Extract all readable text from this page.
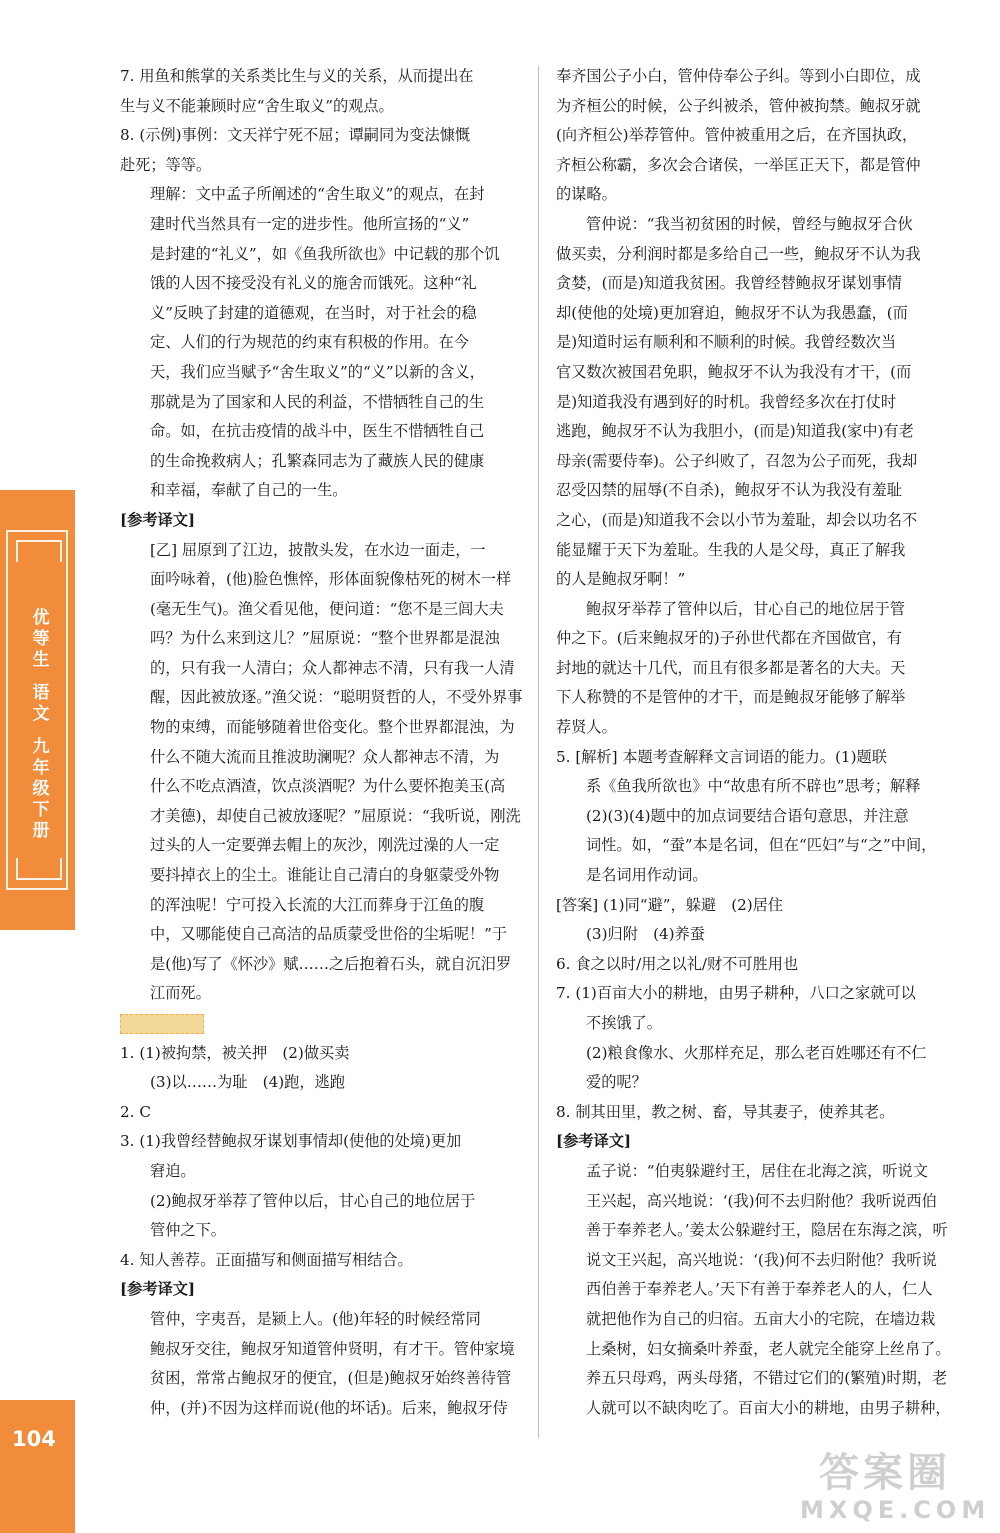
优等生
语文
九年级下册
104
7. 用鱼和熊掌的关系类比生与义的关系，从而提出在
生与义不能兼顾时应“舍生取义”的观点。
8. (示例)事例：文天祥宁死不屈；谭嗣同为变法慷慨
赴死；等等。
理解：文中孟子所阐述的“舍生取义”的观点，在封
建时代当然具有一定的进步性。他所宣扬的“义”
是封建的“礼义”，如《鱼我所欲也》中记载的那个饥
饿的人因不接受没有礼义的施舍而饿死。这种“礼
义”反映了封建的道德观，在当时，对于社会的稳
定、人们的行为规范的约束有积极的作用。在今
天，我们应当赋予“舍生取义”的“义”以新的含义，
那就是为了国家和人民的利益，不惜牺牲自己的生
命。如，在抗击疫情的战斗中，医生不惜牺牲自己
的生命挽救病人；孔繁森同志为了藏族人民的健康
和幸福，奉献了自己的一生。
[参考译文]
[乙] 屈原到了江边，披散头发，在水边一面走，一
面吟咏着，(他)脸色憔悴，形体面貌像枯死的树木一样
(毫无生气)。渔父看见他，便问道：“您不是三闾大夫
吗？为什么来到这儿？”屈原说：“整个世界都是混浊
的，只有我一人清白；众人都神志不清，只有我一人清
醒，因此被放逐。”渔父说：“聪明贤哲的人，不受外界事
物的束缚，而能够随着世俗变化。整个世界都混浊，为
什么不随大流而且推波助澜呢？众人都神志不清，为
什么不吃点酒渣，饮点淡酒呢？为什么要怀抱美玉(高
才美德)，却使自己被放逐呢？”屈原说：“我听说，刚洗
过头的人一定要弹去帽上的灰沙，刚洗过澡的人一定
要抖掉衣上的尘土。谁能让自己清白的身躯蒙受外物
的浑浊呢！宁可投入长流的大江而葬身于江鱼的腹
中，又哪能使自己高洁的品质蒙受世俗的尘垢呢！”于
是(他)写了《怀沙》赋……之后抱着石头，就自沉汨罗
江而死。
1. (1)被拘禁，被关押　(2)做买卖
(3)以……为耻　(4)跑，逃跑
2. C
3. (1)我曾经替鲍叔牙谋划事情却(使他的处境)更加
窘迫。
(2)鲍叔牙举荐了管仲以后，甘心自己的地位居于
管仲之下。
4. 知人善荐。正面描写和侧面描写相结合。
[参考译文]
管仲，字夷吾，是颍上人。(他)年轻的时候经常同
鲍叔牙交往，鲍叔牙知道管仲贤明，有才干。管仲家境
贫困，常常占鲍叔牙的便宜，(但是)鲍叔牙始终善待管
仲，(并)不因为这样而说(他的坏话)。后来，鲍叔牙侍
奉齐国公子小白，管仲侍奉公子纠。等到小白即位，成
为齐桓公的时候，公子纠被杀，管仲被拘禁。鲍叔牙就
(向齐桓公)举荐管仲。管仲被重用之后，在齐国执政，
齐桓公称霸，多次会合诸侯，一举匡正天下，都是管仲
的谋略。
管仲说：“我当初贫困的时候，曾经与鲍叔牙合伙
做买卖，分利润时都是多给自己一些，鲍叔牙不认为我
贪婪，(而是)知道我贫困。我曾经替鲍叔牙谋划事情
却(使他的处境)更加窘迫，鲍叔牙不认为我愚蠢，(而
是)知道时运有顺利和不顺利的时候。我曾经数次当
官又数次被国君免职，鲍叔牙不认为我没有才干，(而
是)知道我没有遇到好的时机。我曾经多次在打仗时
逃跑，鲍叔牙不认为我胆小，(而是)知道我(家中)有老
母亲(需要侍奉)。公子纠败了，召忽为公子而死，我却
忍受囚禁的屈辱(不自杀)，鲍叔牙不认为我没有羞耻
之心，(而是)知道我不会以小节为羞耻，却会以功名不
能显耀于天下为羞耻。生我的人是父母，真正了解我
的人是鲍叔牙啊！”
鲍叔牙举荐了管仲以后，甘心自己的地位居于管
仲之下。(后来鲍叔牙的)子孙世代都在齐国做官，有
封地的就达十几代，而且有很多都是著名的大夫。天
下人称赞的不是管仲的才干，而是鲍叔牙能够了解举
荐贤人。
5. [解析] 本题考查解释文言词语的能力。(1)题联
系《鱼我所欲也》中“故患有所不辟也”思考；解释
(2)(3)(4)题中的加点词要结合语句意思，并注意
词性。如，“蚕”本是名词，但在“匹妇”与“之”中间，
是名词用作动词。
[答案] (1)同“避”，躲避　(2)居住
(3)归附　(4)养蚕
6. 食之以时/用之以礼/财不可胜用也
7. (1)百亩大小的耕地，由男子耕种，八口之家就可以
不挨饿了。
(2)粮食像水、火那样充足，那么老百姓哪还有不仁
爱的呢？
8. 制其田里，教之树、畜，导其妻子，使养其老。
[参考译文]
孟子说：“伯夷躲避纣王，居住在北海之滨，听说文
王兴起，高兴地说：‘(我)何不去归附他？我听说西伯
善于奉养老人。’姜太公躲避纣王，隐居在东海之滨，听
说文王兴起，高兴地说：‘(我)何不去归附他？我听说
西伯善于奉养老人。’天下有善于奉养老人的人，仁人
就把他作为自己的归宿。五亩大小的宅院，在墙边栽
上桑树，妇女摘桑叶养蚕，老人就完全能穿上丝帛了。
养五只母鸡，两头母猪，不错过它们的(繁殖)时期，老
人就可以不缺肉吃了。百亩大小的耕地，由男子耕种，
答案圈
MXQE.COM
